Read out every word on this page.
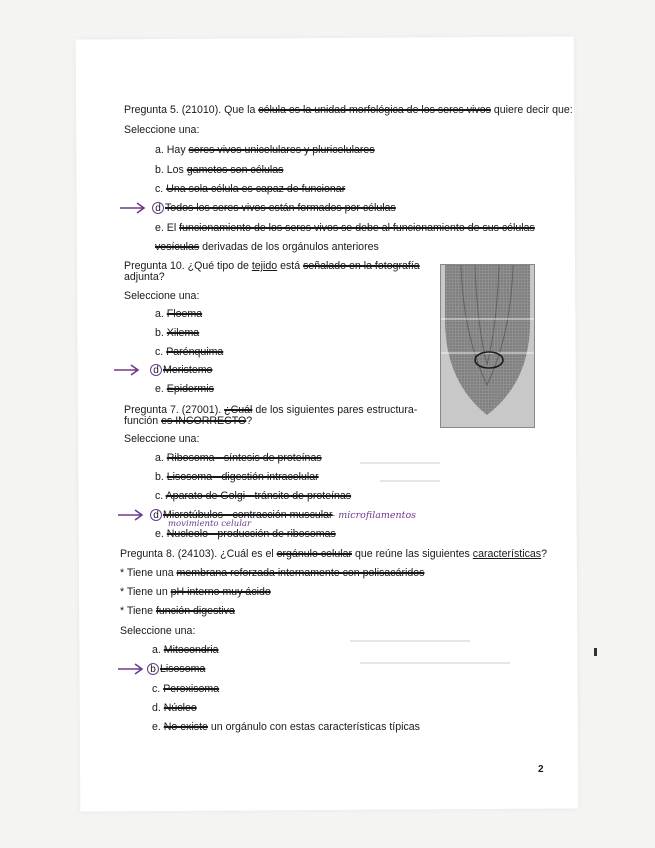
Pregunta 5. (21010). Que la célula es la unidad morfológica de los seres vivos quiere decir que:
Seleccione una:
a. Hay seres vivos unicelulares y pluricelulares
b. Los gametos son células
c. Una sola célula es capaz de funcionar
d Todos los seres vivos están formados por células
e. El funcionamiento de los seres vivos se debe al funcionamiento de sus células
vesículas derivadas de los orgánulos anteriores
Pregunta 10. ¿Qué tipo de tejido está señalado en la fotografía
adjunta?
Seleccione una:
a. Floema
b. Xilema
c. Parénquima
d Meristemo
e. Epidermis
Pregunta 7. (27001). ¿Cuál de los siguientes pares estructura-
función es INCORRECTO?
Seleccione una:
a. Ribosoma - síntesis de proteínas
b. Lisosoma - digestión intracelular
c. Aparato de Golgi - tránsito de proteínas
d Microtúbulos - contracción muscular - microfilamentos
movimiento celular
e. Nucleolo - producción de ribosomas
Pregunta 8. (24103). ¿Cuál es el orgánulo celular que reúne las siguientes características?
* Tiene una membrana reforzada internamente con polisacáridos
* Tiene un pH interno muy ácido
* Tiene función digestiva
Seleccione una:
a. Mitocondria
b Lisosoma
c. Peroxisoma
d. Núcleo
e. No existe un orgánulo con estas características típicas
2
